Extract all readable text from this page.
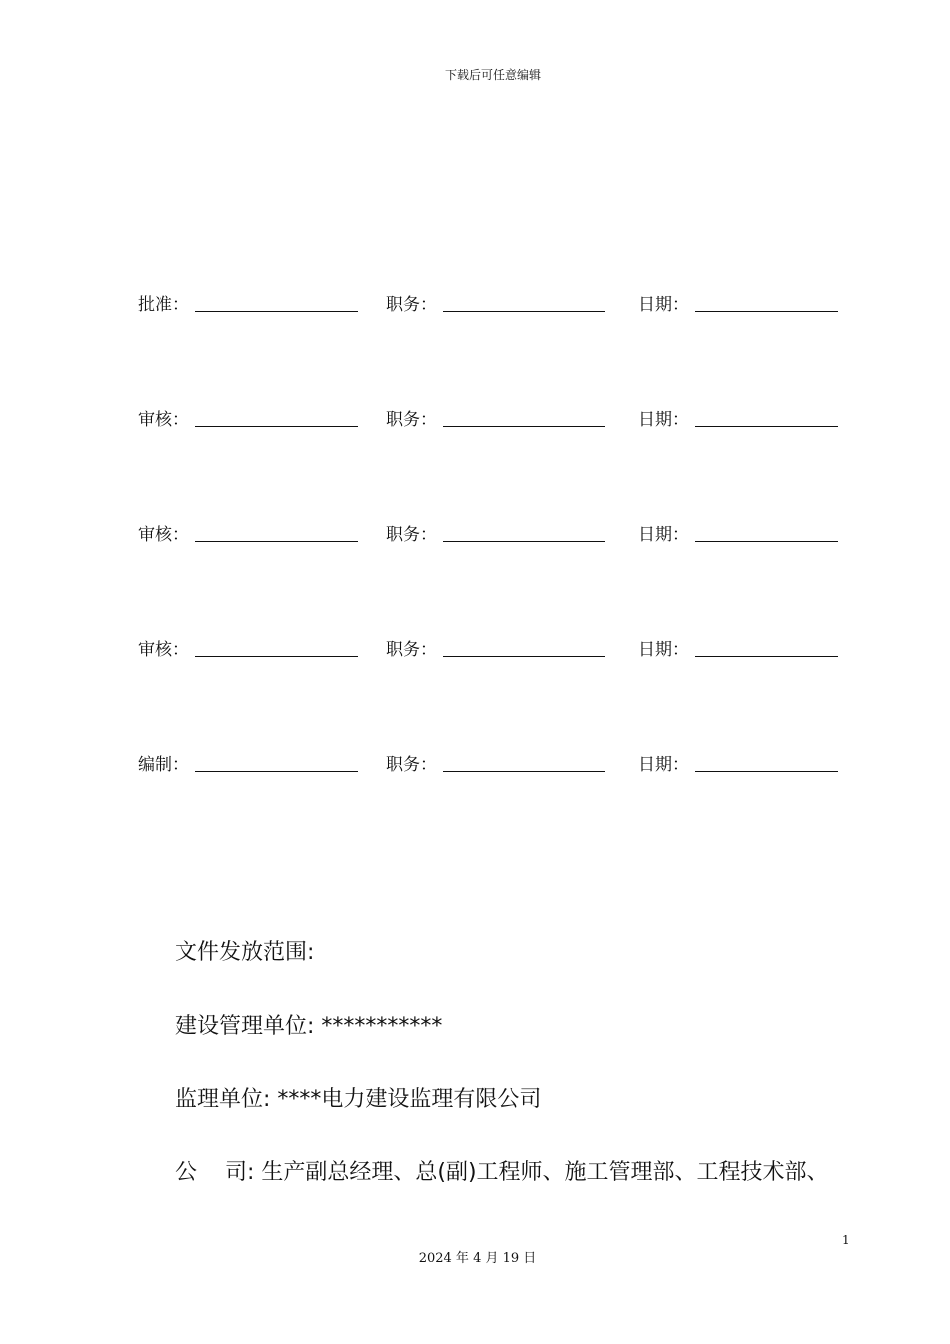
下载后可任意编辑
批准：	职务：	日期：
审核：	职务：	日期：
审核：	职务：	日期：
审核：	职务：	日期：
编制：	职务：	日期：
文件发放范围:
建设管理单位: ***********
监理单位: ****电力建设监理有限公司
公    司: 生产副总经理、总(副)工程师、施工管理部、工程技术部、
1
2024 年 4 月 19 日
